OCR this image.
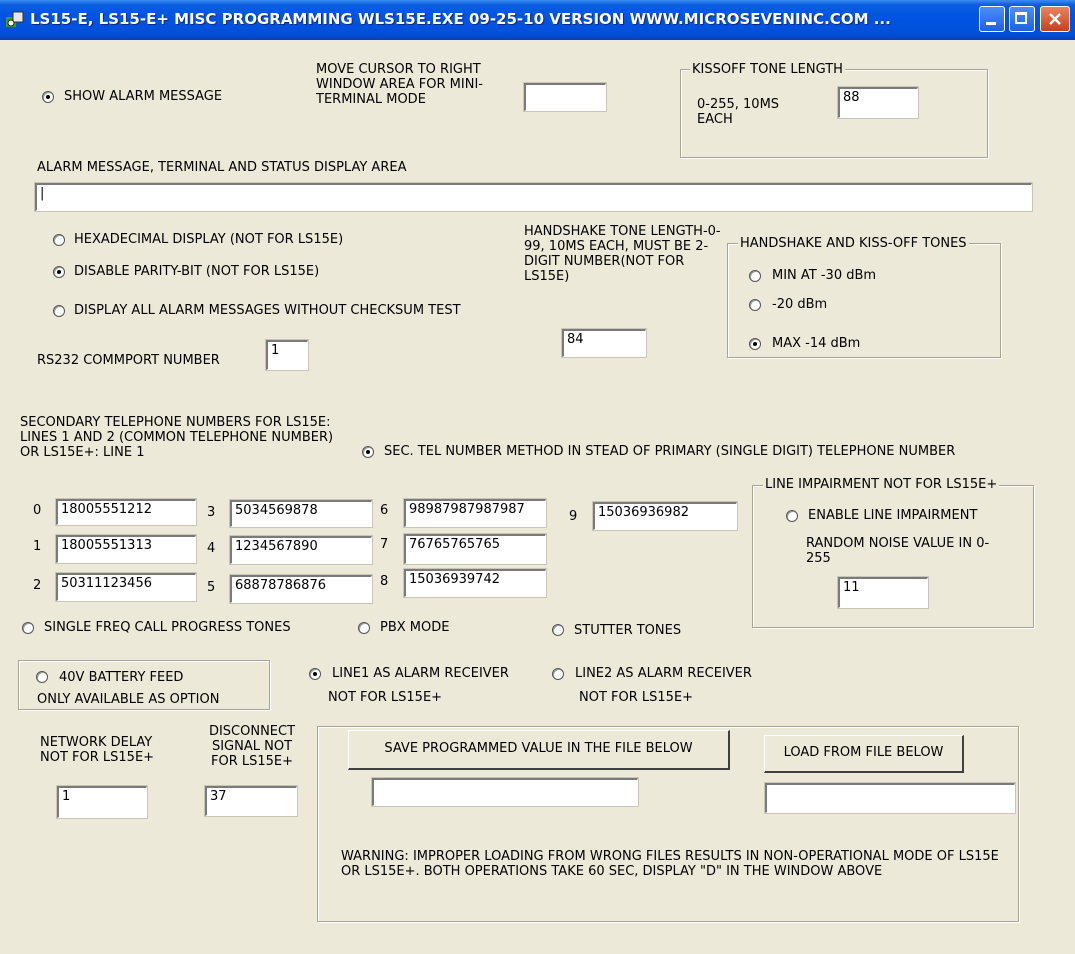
LS15-E, LS15-E+ MISC PROGRAMMING WLS15E.EXE 09-25-10 VERSION WWW.MICROSEVENINC.COM ...
SHOW ALARM MESSAGE
MOVE CURSOR TO RIGHT WINDOW AREA FOR MINI-TERMINAL MODE
KISSOFF TONE LENGTH
0-255, 10MS EACH
88
ALARM MESSAGE, TERMINAL AND STATUS DISPLAY AREA
|
HEXADECIMAL DISPLAY (NOT FOR LS15E)
DISABLE PARITY-BIT (NOT FOR LS15E)
DISPLAY ALL ALARM MESSAGES WITHOUT CHECKSUM TEST
RS232 COMMPORT NUMBER
1
HANDSHAKE TONE LENGTH-0-99, 10MS EACH, MUST BE 2-DIGIT NUMBER(NOT FOR LS15E)
84
HANDSHAKE AND KISS-OFF TONES
MIN AT -30 dBm
-20 dBm
MAX -14 dBm
SECONDARY TELEPHONE NUMBERS FOR LS15E: LINES 1 AND 2 (COMMON TELEPHONE NUMBER) OR LS15E+: LINE 1	SEC. TEL NUMBER METHOD IN STEAD OF PRIMARY (SINGLE DIGIT) TELEPHONE NUMBER
0	18005551212
1	18005551313
2	50311123456
3	5034569878
4	1234567890
5	68878786876
6	98987987987987
7	76765765765
8	15036939742
9	15036936982
LINE IMPAIRMENT NOT FOR LS15E+
ENABLE LINE IMPAIRMENT
RANDOM NOISE VALUE IN 0-255
11
SINGLE FREQ CALL PROGRESS TONES	PBX MODE	STUTTER TONES
40V BATTERY FEED
ONLY AVAILABLE AS OPTION
LINE1 AS ALARM RECEIVER
NOT FOR LS15E+
LINE2 AS ALARM RECEIVER
NOT FOR LS15E+
NETWORK DELAY NOT FOR LS15E+
1
DISCONNECT SIGNAL NOT FOR LS15E+
37
SAVE PROGRAMMED VALUE IN THE FILE BELOW	LOAD FROM FILE BELOW
WARNING: IMPROPER LOADING FROM WRONG FILES RESULTS IN NON-OPERATIONAL MODE OF LS15E OR LS15E+. BOTH OPERATIONS TAKE 60 SEC, DISPLAY "D" IN THE WINDOW ABOVE
